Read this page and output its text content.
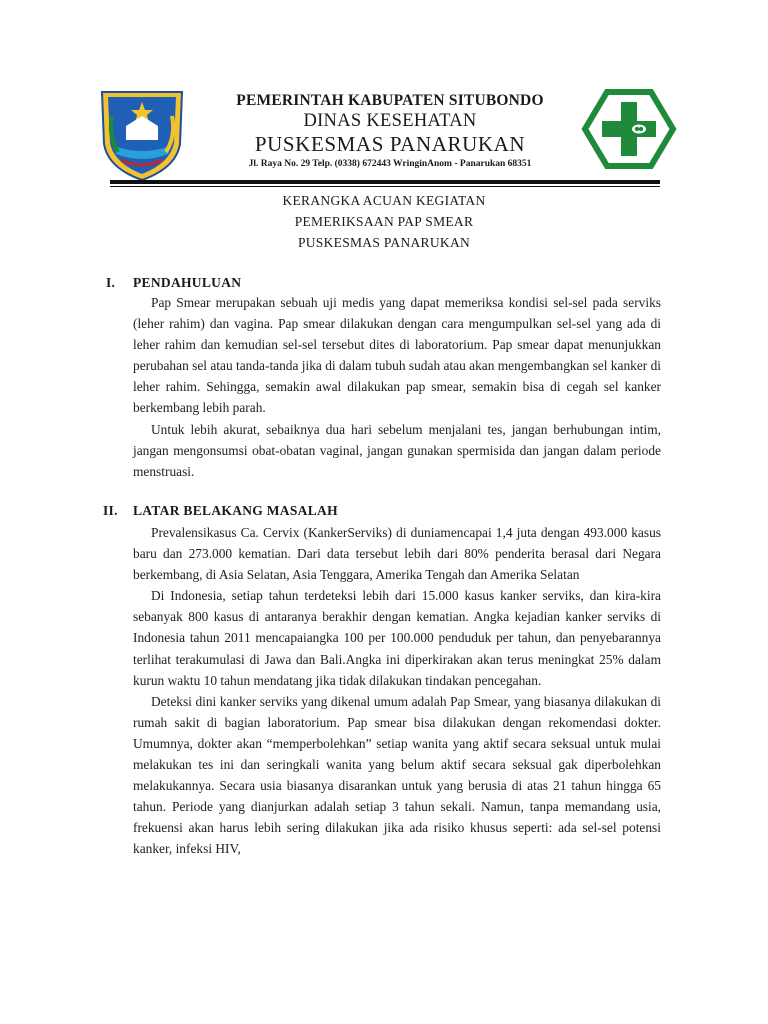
PEMERINTAH KABUPATEN SITUBONDO
DINAS KESEHATAN
PUSKESMAS PANARUKAN
Jl. Raya No. 29 Telp. (0338) 672443 WringinAnom - Panarukan 68351
KERANGKA ACUAN KEGIATAN
PEMERIKSAAN PAP SMEAR
PUSKESMAS PANARUKAN
I. PENDAHULUAN

Pap Smear merupakan sebuah uji medis yang dapat memeriksa kondisi sel-sel pada serviks (leher rahim) dan vagina. Pap smear dilakukan dengan cara mengumpulkan sel-sel yang ada di leher rahim dan kemudian sel-sel tersebut dites di laboratorium. Pap smear dapat menunjukkan perubahan sel atau tanda-tanda jika di dalam tubuh sudah atau akan mengembangkan sel kanker di leher rahim. Sehingga, semakin awal dilakukan pap smear, semakin bisa di cegah sel kanker berkembang lebih parah.

Untuk lebih akurat, sebaiknya dua hari sebelum menjalani tes, jangan berhubungan intim, jangan mengonsumsi obat-obatan vaginal, jangan gunakan spermisida dan jangan dalam periode menstruasi.

II. LATAR BELAKANG MASALAH

Prevalensikasus Ca. Cervix (KankerServiks) di duniamencapai 1,4 juta dengan 493.000 kasus baru dan 273.000 kematian. Dari data tersebut lebih dari 80% penderita berasal dari Negara berkembang, di Asia Selatan, Asia Tenggara, Amerika Tengah dan Amerika Selatan

Di Indonesia, setiap tahun terdeteksi lebih dari 15.000 kasus kanker serviks, dan kira-kira sebanyak 800 kasus di antaranya berakhir dengan kematian. Angka kejadian kanker serviks di Indonesia tahun 2011 mencapaiangka 100 per 100.000 penduduk per tahun, dan penyebarannya terlihat terakumulasi di Jawa dan Bali.Angka ini diperkirakan akan terus meningkat 25% dalam kurun waktu 10 tahun mendatang jika tidak dilakukan tindakan pencegahan.

Deteksi dini kanker serviks yang dikenal umum adalah Pap Smear, yang biasanya dilakukan di rumah sakit di bagian laboratorium. Pap smear bisa dilakukan dengan rekomendasi dokter. Umumnya, dokter akan “memperbolehkan” setiap wanita yang aktif secara seksual untuk mulai melakukan tes ini dan seringkali wanita yang belum aktif secara seksual gak diperbolehkan melakukannya. Secara usia biasanya disarankan untuk yang berusia di atas 21 tahun hingga 65 tahun. Periode yang dianjurkan adalah setiap 3 tahun sekali. Namun, tanpa memandang usia, frekuensi akan harus lebih sering dilakukan jika ada risiko khusus seperti: ada sel-sel potensi kanker, infeksi HIV,
